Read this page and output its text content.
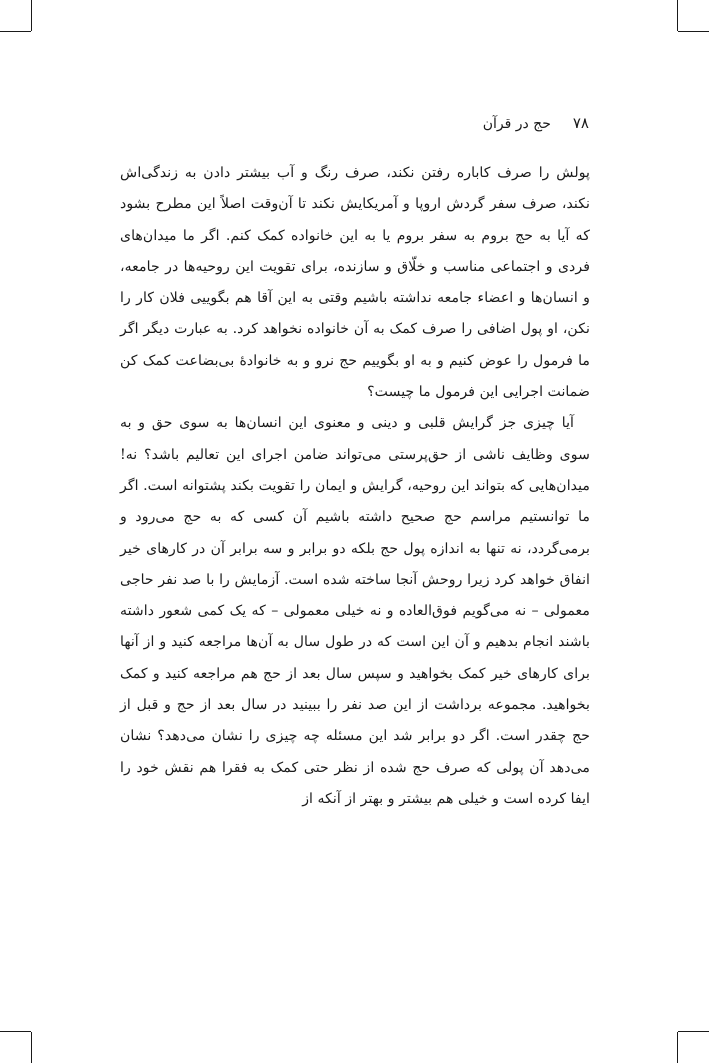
۷۸
حج در قرآن

پولش را صرف کاباره رفتن نکند، صرف رنگ و آب بیشتر دادن به زندگی‌اش نکند، صرف سفر گردش اروپا و آمریکایش نکند تا آن‌وقت اصلاً این مطرح بشود که آیا به حج بروم به سفر بروم یا به این خانواده کمک کنم. اگر ما میدان‌های فردی و اجتماعی مناسب و خلّاق و سازنده، برای تقویت این روحیه‌ها در جامعه، و انسان‌ها و اعضاء جامعه نداشته باشیم وقتی به این آقا هم بگوییی فلان کار را نکن، او پول اضافی را صرف کمک به آن خانواده نخواهد کرد. به عبارت دیگر اگر ما فرمول را عوض کنیم و به او بگوییم حج نرو و به خانوادهٔ بی‌بضاعت کمک کن ضمانت اجرایی این فرمول ما چیست؟

آیا چیزی جز گرایش قلبی و دینی و معنوی این انسان‌ها به سوی حق و به سوی وظایف ناشی از حق‌پرستی می‌تواند ضامن اجرای این تعالیم باشد؟ نه! میدان‌هایی که بتواند این روحیه، گرایش و ایمان را تقویت بکند پشتوانه است. اگر ما توانستیم مراسم حج صحیح داشته باشیم آن کسی که به حج می‌رود و برمی‌گردد، نه تنها به اندازه پول حج بلکه دو برابر و سه برابر آن در کارهای خیر انفاق خواهد کرد زیرا روحش آنجا ساخته شده است. آزمایش را با صد نفر حاجی معمولی – نه می‌گویم فوق‌العاده و نه خیلی معمولی – که یک کمی شعور داشته باشند انجام بدهیم و آن این است که در طول سال به آن‌ها مراجعه کنید و از آنها برای کارهای خیر کمک بخواهید و سپس سال بعد از حج هم مراجعه کنید و کمک بخواهید. مجموعه برداشت از این صد نفر را ببینید در سال بعد از حج و قبل از حج چقدر است. اگر دو برابر شد این مسئله چه چیزی را نشان می‌دهد؟ نشان می‌دهد آن پولی که صرف حج شده از نظر حتی کمک به فقرا هم نقش خود را ایفا کرده است و خیلی هم بیشتر و بهتر از آنکه از
